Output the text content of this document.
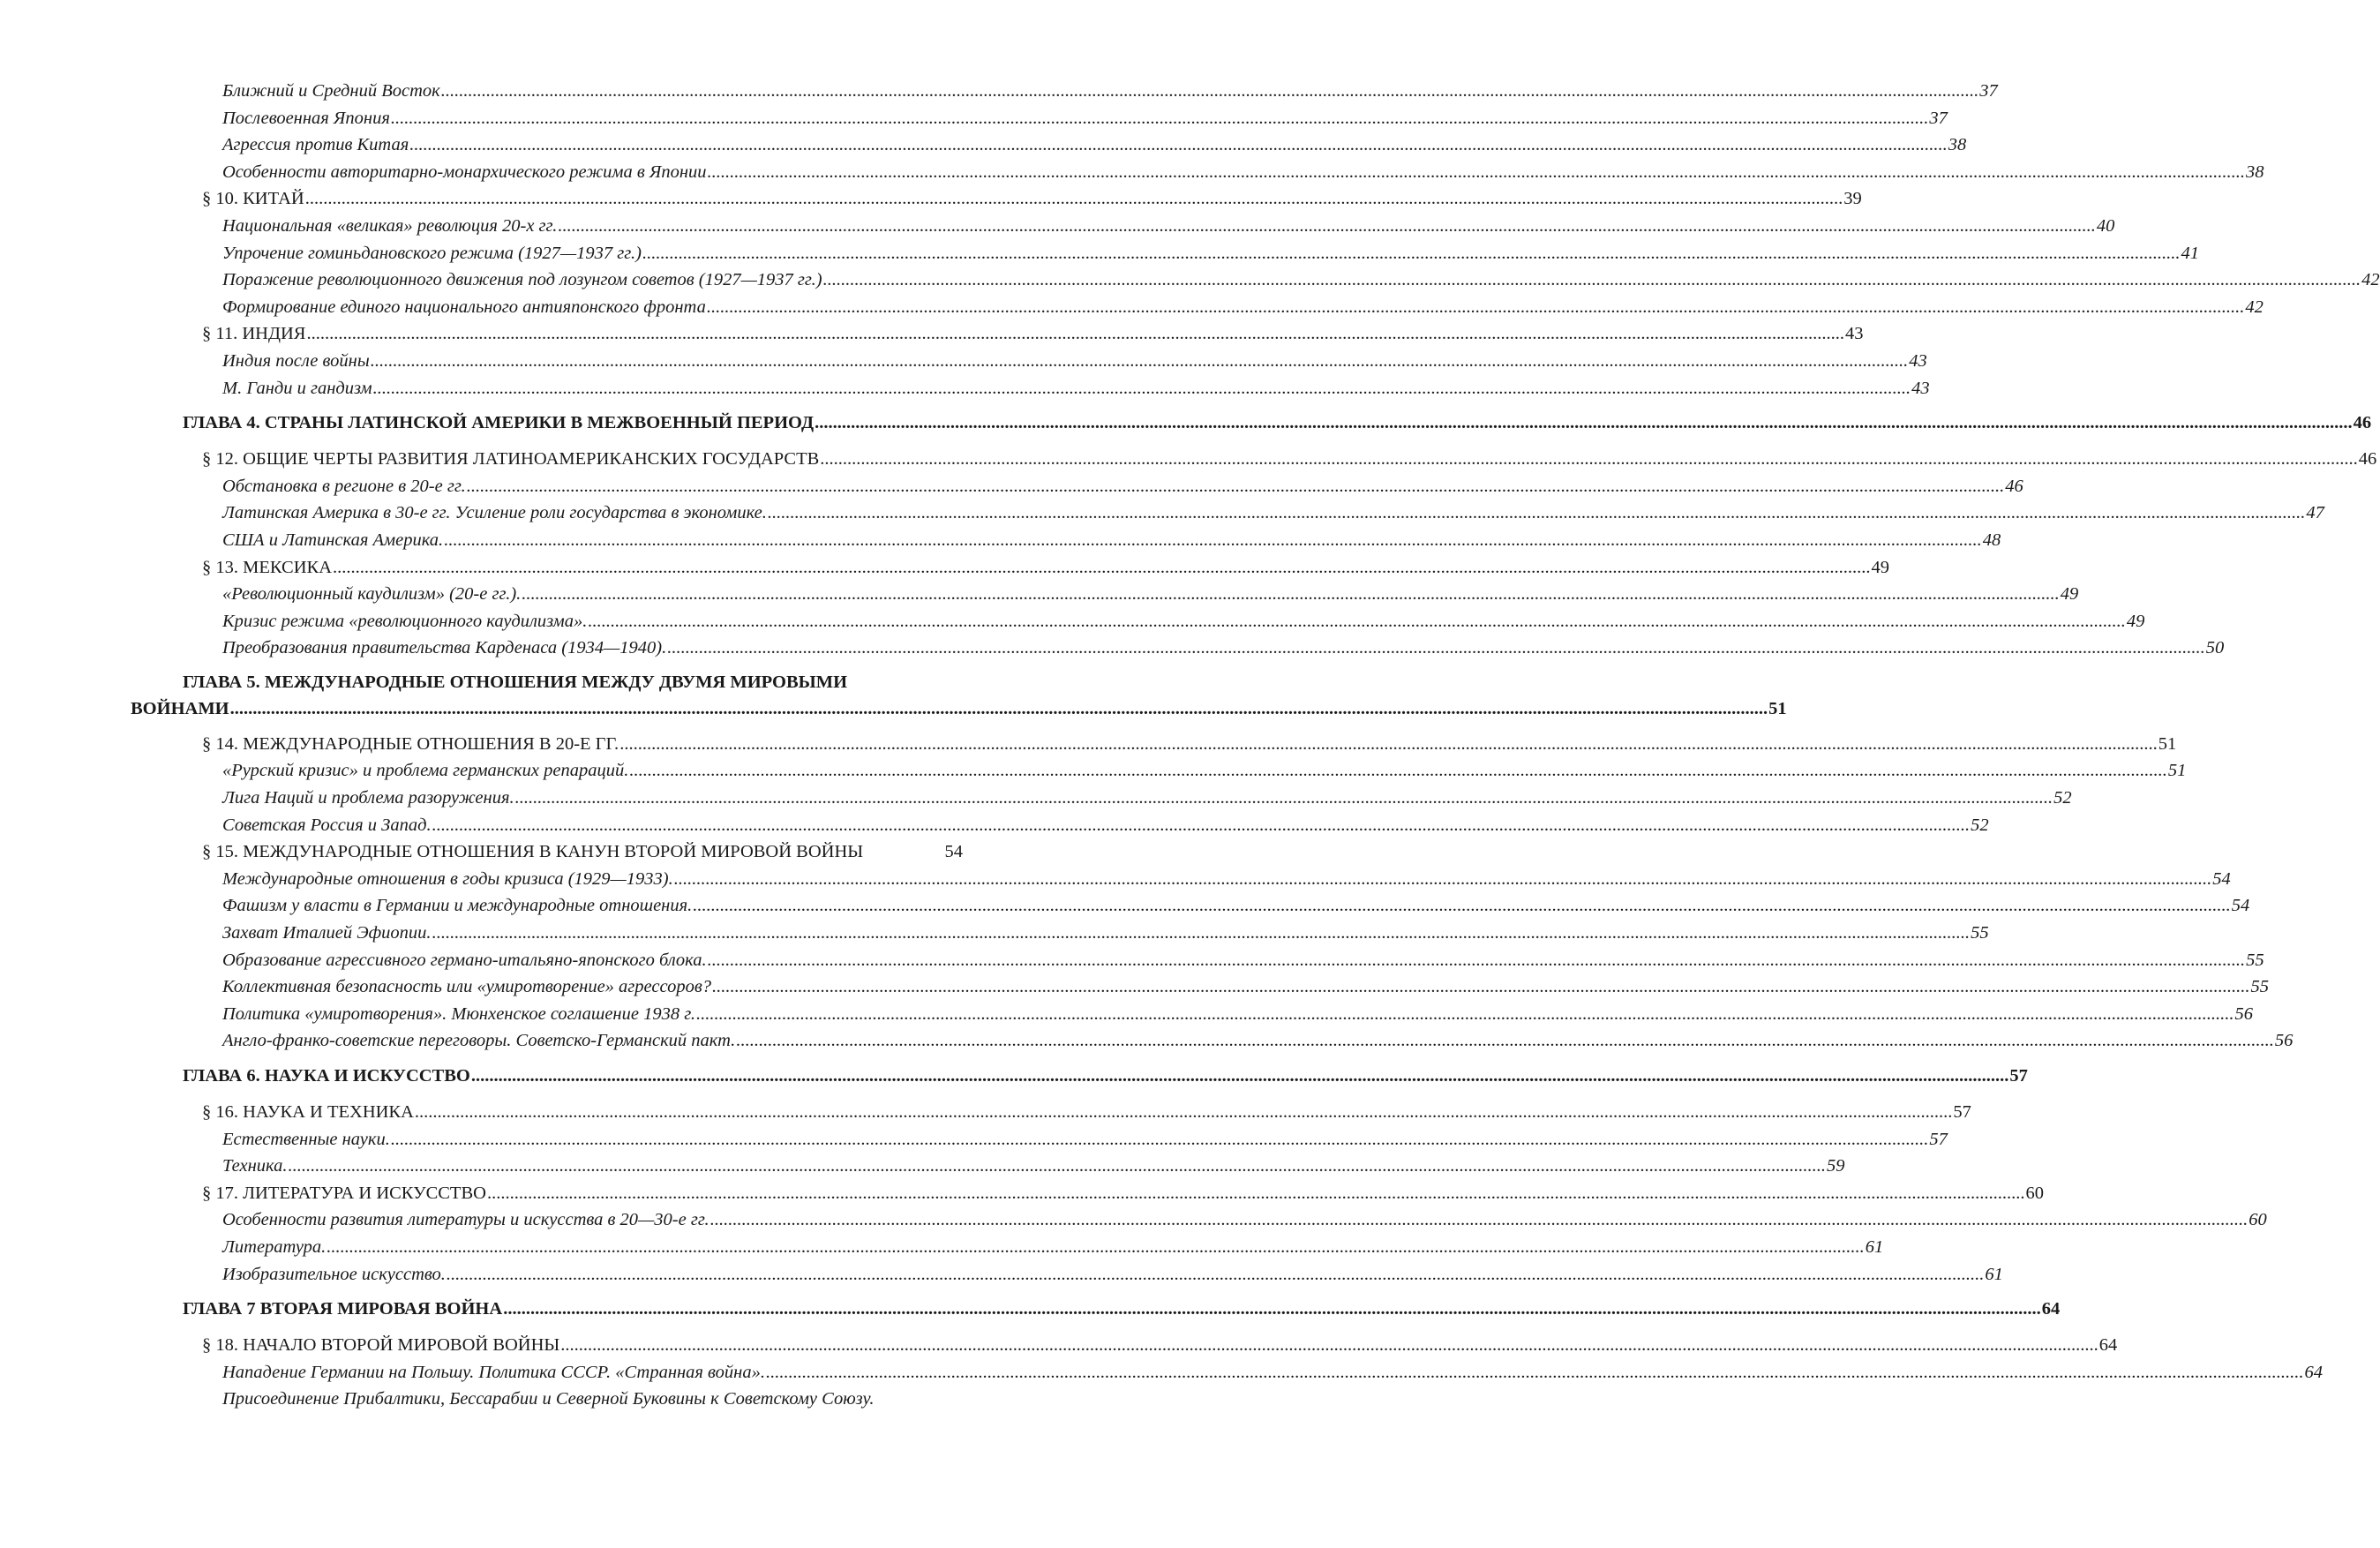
Ближний и Средний Восток .....	37
Послевоенная Япония .....	37
Агрессия против Китая .....	38
Особенности авторитарно-монархического режима в Японии .....	38
§ 10. КИТАЙ .....	39
Национальная «великая» революция 20-х гг. .....	40
Упрочение гоминьдановского режима (1927—1937 гг.) .....	41
Поражение революционного движения под лозунгом советов (1927—1937 гг.) .....	42
Формирование единого национального антияпонского фронта .....	42
§ 11. ИНДИЯ .....	43
Индия после войны .....	43
М. Ганди и гандизм .....	43
ГЛАВА 4. СТРАНЫ ЛАТИНСКОЙ АМЕРИКИ В МЕЖВОЕННЫЙ ПЕРИОД .....	46
§ 12. ОБЩИЕ ЧЕРТЫ РАЗВИТИЯ ЛАТИНОАМЕРИКАНСКИХ ГОСУДАРСТВ .....	46
Обстановка в регионе в 20-е гг. .....	46
Латинская Америка в 30-е гг. Усиление роли государства в экономике. .....	47
США и Латинская Америка. .....	48
§ 13. МЕКСИКА .....	49
«Революционный каудилизм» (20-е гг.). .....	49
Кризис режима «революционного каудилизма». .....	49
Преобразования правительства Карденаса (1934—1940). .....	50
ГЛАВА 5. МЕЖДУНАРОДНЫЕ ОТНОШЕНИЯ МЕЖДУ ДВУМЯ МИРОВЫМИ
ВОЙНАМИ .....	51
§ 14. МЕЖДУНАРОДНЫЕ ОТНОШЕНИЯ В 20-Е ГГ. .....	51
«Рурский кризис» и проблема германских репараций. .....	51
Лига Наций и проблема разоружения. .....	52
Советская Россия и Запад. .....	52
§ 15. МЕЖДУНАРОДНЫЕ ОТНОШЕНИЯ В КАНУН ВТОРОЙ МИРОВОЙ ВОЙНЫ	54
Международные отношения в годы кризиса (1929—1933). .....	54
Фашизм у власти в Германии и международные отношения. .....	54
Захват Италией Эфиопии. .....	55
Образование агрессивного германо-итальяно-японского блока. .....	55
Коллективная безопасность или «умиротворение» агрессоров? .....	55
Политика «умиротворения». Мюнхенское соглашение 1938 г. .....	56
Англо-франко-советские переговоры. Советско-Германский пакт. .....	56
ГЛАВА 6. НАУКА И ИСКУССТВО .....	57
§ 16. НАУКА И ТЕХНИКА .....	57
Естественные науки. .....	57
Техника. .....	59
§ 17. ЛИТЕРАТУРА И ИСКУССТВО .....	60
Особенности развития литературы и искусства в 20—30-е гг. .....	60
Литература. .....	61
Изобразительное искусство. .....	61
ГЛАВА 7 ВТОРАЯ МИРОВАЯ ВОЙНА .....	64
§ 18. НАЧАЛО ВТОРОЙ МИРОВОЙ ВОЙНЫ .....	64
Нападение Германии на Польшу. Политика СССР. «Странная война». .....	64
Присоединение Прибалтики, Бессарабии и Северной Буковины к Советскому Союзу.
